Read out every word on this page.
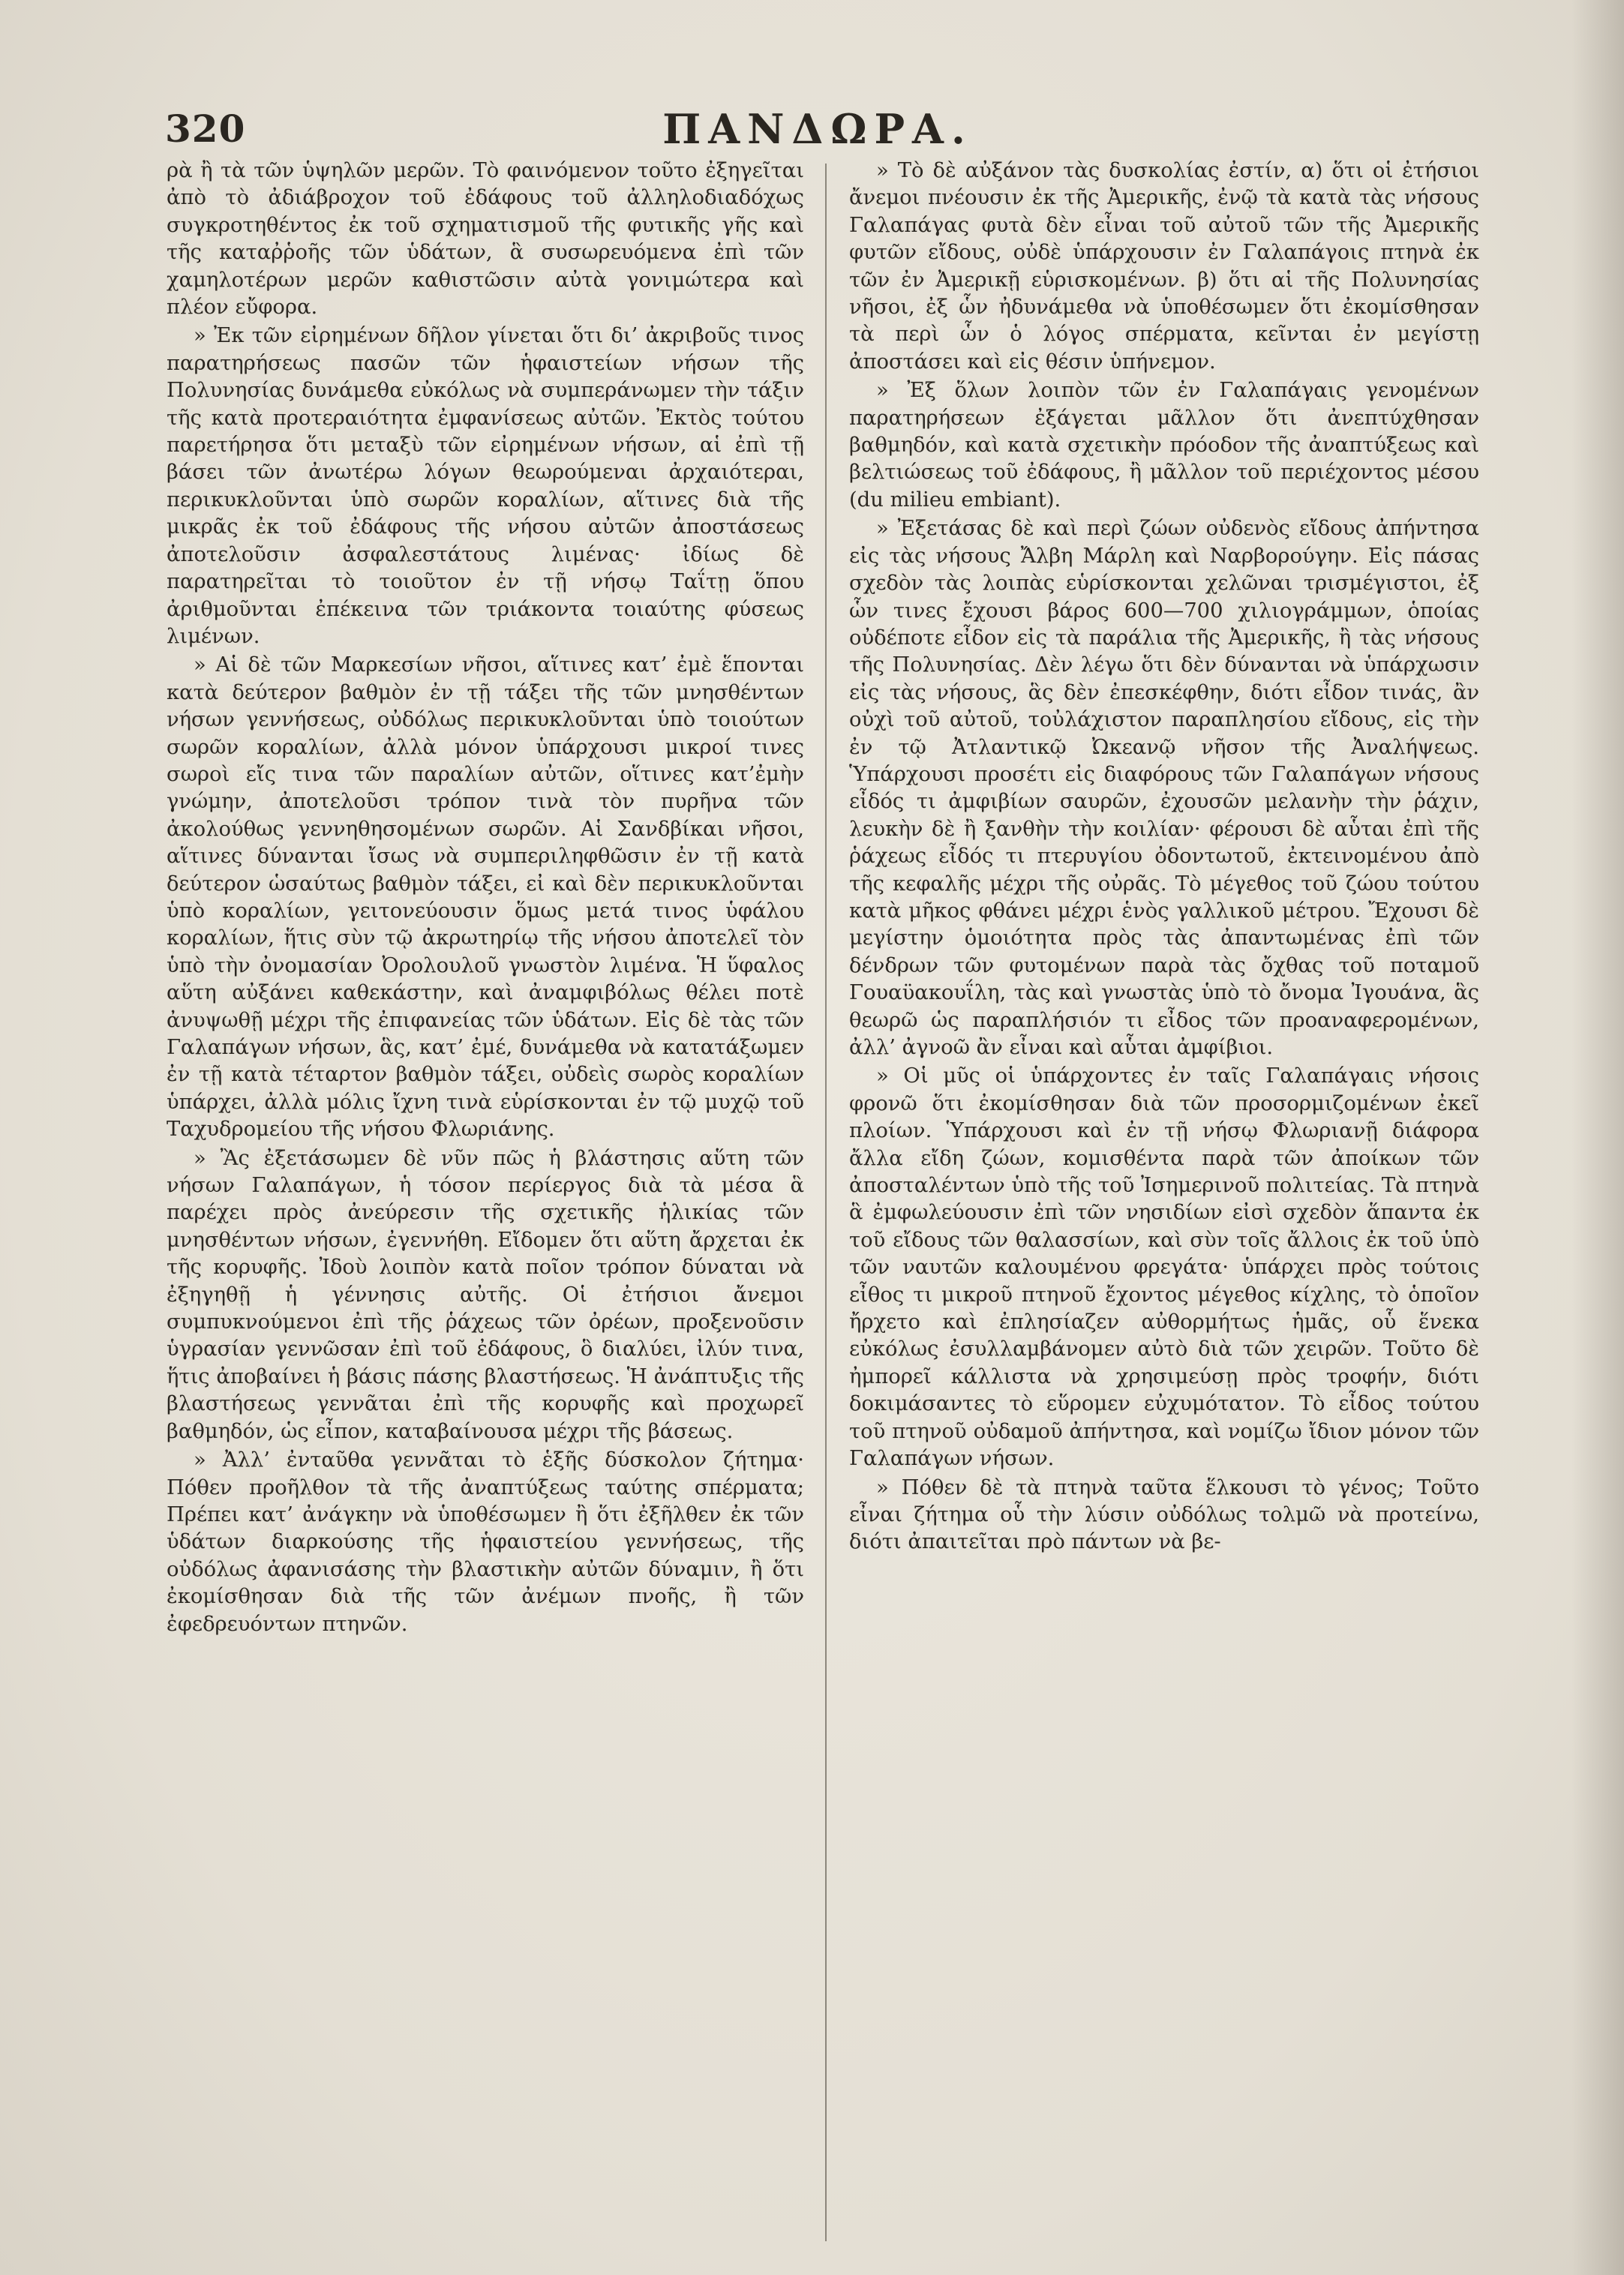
320	ΠΑΝΔΩΡΑ.

ρὰ ἢ τὰ τῶν ὑψηλῶν μερῶν. Τὸ φαινόμενον τοῦτο ἐξηγεῖται ἀπὸ τὸ ἀδιάβροχον τοῦ ἐδάφους τοῦ ἀλληλοδιαδόχως συγκροτηθέντος ἐκ τοῦ σχηματισμοῦ τῆς φυτικῆς γῆς καὶ τῆς καταῤῥοῆς τῶν ὑδάτων, ἃ συσωρευόμενα ἐπὶ τῶν χαμηλοτέρων μερῶν καθιστῶσιν αὐτὰ γονιμώτερα καὶ πλέον εὔφορα.

» Ἐκ τῶν εἰρημένων δῆλον γίνεται ὅτι δι’ ἀκριβοῦς τινος παρατηρήσεως πασῶν τῶν ἡφαιστείων νήσων τῆς Πολυνησίας δυνάμεθα εὐκόλως νὰ συμπεράνωμεν τὴν τάξιν τῆς κατὰ προτεραιότητα ἐμφανίσεως αὐτῶν. Ἐκτὸς τούτου παρετήρησα ὅτι μεταξὺ τῶν εἰρημένων νήσων, αἱ ἐπὶ τῇ βάσει τῶν ἀνωτέρω λόγων θεωρούμεναι ἀρχαιότεραι, περικυκλοῦνται ὑπὸ σωρῶν κοραλίων, αἵτινες διὰ τῆς μικρᾶς ἐκ τοῦ ἐδάφους τῆς νήσου αὐτῶν ἀποστάσεως ἀποτελοῦσιν ἀσφαλεστάτους λιμένας· ἰδίως δὲ παρατηρεῖται τὸ τοιοῦτον ἐν τῇ νήσῳ Ταΐτῃ ὅπου ἀριθμοῦνται ἐπέκεινα τῶν τριάκοντα τοιαύτης φύσεως λιμένων.

» Αἱ δὲ τῶν Μαρκεσίων νῆσοι, αἵτινες κατ’ ἐμὲ ἕπονται κατὰ δεύτερον βαθμὸν ἐν τῇ τάξει τῆς τῶν μνησθέντων νήσων γεννήσεως, οὐδόλως περικυκλοῦνται ὑπὸ τοιούτων σωρῶν κοραλίων, ἀλλὰ μόνον ὑπάρχουσι μικροί τινες σωροὶ εἴς τινα τῶν παραλίων αὐτῶν, οἵτινες κατ’ἐμὴν γνώμην, ἀποτελοῦσι τρόπον τινὰ τὸν πυρῆνα τῶν ἀκολούθως γεννηθησομένων σωρῶν. Αἱ Σανδβίκαι νῆσοι, αἵτινες δύνανται ἴσως νὰ συμπεριληφθῶσιν ἐν τῇ κατὰ δεύτερον ὡσαύτως βαθμὸν τάξει, εἰ καὶ δὲν περικυκλοῦνται ὑπὸ κοραλίων, γειτονεύουσιν ὅμως μετά τινος ὑφάλου κοραλίων, ἥτις σὺν τῷ ἀκρωτηρίῳ τῆς νήσου ἀποτελεῖ τὸν ὑπὸ τὴν ὀνομασίαν Ὀρολουλοῦ γνωστὸν λιμένα. Ἡ ὕφαλος αὕτη αὐξάνει καθεκάστην, καὶ ἀναμφιβόλως θέλει ποτὲ ἀνυψωθῇ μέχρι τῆς ἐπιφανείας τῶν ὑδάτων. Εἰς δὲ τὰς τῶν Γαλαπάγων νήσων, ἃς, κατ’ ἐμέ, δυνάμεθα νὰ κατατάξωμεν ἐν τῇ κατὰ τέταρτον βαθμὸν τάξει, οὐδεὶς σωρὸς κοραλίων ὑπάρχει, ἀλλὰ μόλις ἴχνη τινὰ εὑρίσκονται ἐν τῷ μυχῷ τοῦ Ταχυδρομείου τῆς νήσου Φλωριάνης.

» Ἂς ἐξετάσωμεν δὲ νῦν πῶς ἡ βλάστησις αὕτη τῶν νήσων Γαλαπάγων, ἡ τόσον περίεργος διὰ τὰ μέσα ἃ παρέχει πρὸς ἀνεύρεσιν τῆς σχετικῆς ἡλικίας τῶν μνησθέντων νήσων, ἐγεννήθη. Εἴδομεν ὅτι αὕτη ἄρχεται ἐκ τῆς κορυφῆς. Ἰδοὺ λοιπὸν κατὰ ποῖον τρόπον δύναται νὰ ἐξηγηθῇ ἡ γέννησις αὐτῆς. Οἱ ἐτήσιοι ἄνεμοι συμπυκνούμενοι ἐπὶ τῆς ῥάχεως τῶν ὀρέων, προξενοῦσιν ὑγρασίαν γεννῶσαν ἐπὶ τοῦ ἐδάφους, ὃ διαλύει, ἰλύν τινα, ἥτις ἀποβαίνει ἡ βάσις πάσης βλαστήσεως. Ἡ ἀνάπτυξις τῆς βλαστήσεως γεννᾶται ἐπὶ τῆς κορυφῆς καὶ προχωρεῖ βαθμηδόν, ὡς εἶπον, καταβαίνουσα μέχρι τῆς βάσεως.

» Ἀλλ’ ἐνταῦθα γεννᾶται τὸ ἑξῆς δύσκολον ζήτημα· Πόθεν προῆλθον τὰ τῆς ἀναπτύξεως ταύτης σπέρματα; Πρέπει κατ’ ἀνάγκην νὰ ὑποθέσωμεν ἢ ὅτι ἐξῆλθεν ἐκ τῶν ὑδάτων διαρκούσης τῆς ἡφαιστείου γεννήσεως, τῆς οὐδόλως ἀφανισάσης τὴν βλαστικὴν αὐτῶν δύναμιν, ἢ ὅτι ἐκομίσθησαν διὰ τῆς τῶν ἀνέμων πνοῆς, ἢ τῶν ἐφεδρευόντων πτηνῶν.

» Τὸ δὲ αὐξάνον τὰς δυσκολίας ἐστίν, α) ὅτι οἱ ἐτήσιοι ἄνεμοι πνέουσιν ἐκ τῆς Ἀμερικῆς, ἐνῷ τὰ κατὰ τὰς νήσους Γαλαπάγας φυτὰ δὲν εἶναι τοῦ αὐτοῦ τῶν τῆς Ἀμερικῆς φυτῶν εἴδους, οὐδὲ ὑπάρχουσιν ἐν Γαλαπάγοις πτηνὰ ἐκ τῶν ἐν Ἀμερικῇ εὑρισκομένων. β) ὅτι αἱ τῆς Πολυνησίας νῆσοι, ἐξ ὧν ἠδυνάμεθα νὰ ὑποθέσωμεν ὅτι ἐκομίσθησαν τὰ περὶ ὧν ὁ λόγος σπέρματα, κεῖνται ἐν μεγίστῃ ἀποστάσει καὶ εἰς θέσιν ὑπήνεμον.

» Ἐξ ὅλων λοιπὸν τῶν ἐν Γαλαπάγαις γενομένων παρατηρήσεων ἐξάγεται μᾶλλον ὅτι ἀνεπτύχθησαν βαθμηδόν, καὶ κατὰ σχετικὴν πρόοδον τῆς ἀναπτύξεως καὶ βελτιώσεως τοῦ ἐδάφους, ἢ μᾶλλον τοῦ περιέχοντος μέσου (du milieu embiant).

» Ἐξετάσας δὲ καὶ περὶ ζώων οὐδενὸς εἴδους ἀπήντησα εἰς τὰς νήσους Ἄλβη Μάρλη καὶ Ναρβορούγην. Εἰς πάσας σχεδὸν τὰς λοιπὰς εὑρίσκονται χελῶναι τρισμέγιστοι, ἐξ ὧν τινες ἔχουσι βάρος 600—700 χιλιογράμμων, ὁποίας οὐδέποτε εἶδον εἰς τὰ παράλια τῆς Ἀμερικῆς, ἢ τὰς νήσους τῆς Πολυνησίας. Δὲν λέγω ὅτι δὲν δύνανται νὰ ὑπάρχωσιν εἰς τὰς νήσους, ἃς δὲν ἐπεσκέφθην, διότι εἶδον τινάς, ἂν οὐχὶ τοῦ αὐτοῦ, τοὐλάχιστον παραπλησίου εἴδους, εἰς τὴν ἐν τῷ Ἀτλαντικῷ Ὠκεανῷ νῆσον τῆς Ἀναλήψεως. Ὑπάρχουσι προσέτι εἰς διαφόρους τῶν Γαλαπάγων νήσους εἶδός τι ἀμφιβίων σαυρῶν, ἐχουσῶν μελανὴν τὴν ῥάχιν, λευκὴν δὲ ἢ ξανθὴν τὴν κοιλίαν· φέρουσι δὲ αὗται ἐπὶ τῆς ῥάχεως εἶδός τι πτερυγίου ὀδοντωτοῦ, ἐκτεινομένου ἀπὸ τῆς κεφαλῆς μέχρι τῆς οὐρᾶς. Τὸ μέγεθος τοῦ ζώου τούτου κατὰ μῆκος φθάνει μέχρι ἑνὸς γαλλικοῦ μέτρου. Ἔχουσι δὲ μεγίστην ὁμοιότητα πρὸς τὰς ἀπαντωμένας ἐπὶ τῶν δένδρων τῶν φυτομένων παρὰ τὰς ὄχθας τοῦ ποταμοῦ Γουαϋακουΐλη, τὰς καὶ γνωστὰς ὑπὸ τὸ ὄνομα Ἰγουάνα, ἃς θεωρῶ ὡς παραπλήσιόν τι εἶδος τῶν προαναφερομένων, ἀλλ’ ἀγνοῶ ἂν εἶναι καὶ αὗται ἀμφίβιοι.

» Οἱ μῦς οἱ ὑπάρχοντες ἐν ταῖς Γαλαπάγαις νήσοις φρονῶ ὅτι ἐκομίσθησαν διὰ τῶν προσορμιζομένων ἐκεῖ πλοίων. Ὑπάρχουσι καὶ ἐν τῇ νήσῳ Φλωριανῇ διάφορα ἄλλα εἴδη ζώων, κομισθέντα παρὰ τῶν ἀποίκων τῶν ἀποσταλέντων ὑπὸ τῆς τοῦ Ἰσημερινοῦ πολιτείας. Τὰ πτηνὰ ἃ ἐμφωλεύουσιν ἐπὶ τῶν νησιδίων εἰσὶ σχεδὸν ἅπαντα ἐκ τοῦ εἴδους τῶν θαλασσίων, καὶ σὺν τοῖς ἄλλοις ἐκ τοῦ ὑπὸ τῶν ναυτῶν καλουμένου φρεγάτα· ὑπάρχει πρὸς τούτοις εἶθος τι μικροῦ πτηνοῦ ἔχοντος μέγεθος κίχλης, τὸ ὁποῖον ἤρχετο καὶ ἐπλησίαζεν αὐθορμήτως ἡμᾶς, οὗ ἕνεκα εὐκόλως ἐσυλλαμβάνομεν αὐτὸ διὰ τῶν χειρῶν. Τοῦτο δὲ ἠμπορεῖ κάλλιστα νὰ χρησιμεύσῃ πρὸς τροφήν, διότι δοκιμάσαντες τὸ εὕρομεν εὐχυμότατον. Τὸ εἶδος τούτου τοῦ πτηνοῦ οὐδαμοῦ ἀπήντησα, καὶ νομίζω ἴδιον μόνον τῶν Γαλαπάγων νήσων.

» Πόθεν δὲ τὰ πτηνὰ ταῦτα ἕλκουσι τὸ γένος; Τοῦτο εἶναι ζήτημα οὗ τὴν λύσιν οὐδόλως τολμῶ νὰ προτείνω, διότι ἀπαιτεῖται πρὸ πάντων νὰ βε-
